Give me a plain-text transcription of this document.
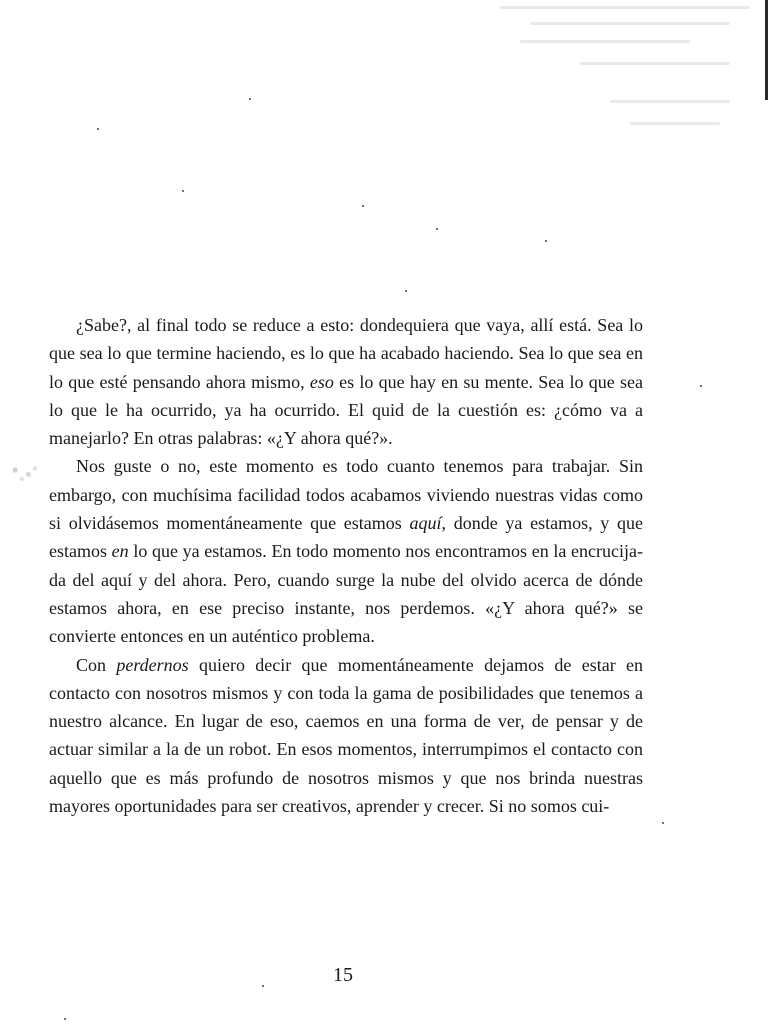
¿Sabe?, al final todo se reduce a esto: dondequiera que vaya, allí está. Sea lo que sea lo que termine haciendo, es lo que ha acabado haciendo. Sea lo que sea en lo que esté pensando ahora mismo, eso es lo que hay en su mente. Sea lo que sea lo que le ha ocurrido, ya ha ocurrido. El quid de la cuestión es: ¿cómo va a manejarlo? En otras palabras: «¿Y ahora qué?».

Nos guste o no, este momento es todo cuanto tenemos para trabajar. Sin embargo, con muchísima facilidad todos acabamos viviendo nuestras vidas como si olvidásemos momentáneamente que estamos aquí, donde ya estamos, y que estamos en lo que ya estamos. En todo momento nos encontramos en la encrucijada del aquí y del ahora. Pero, cuando surge la nube del olvido acerca de dónde estamos ahora, en ese preciso instante, nos perdemos. «¿Y ahora qué?» se convierte entonces en un auténtico problema.

Con perdernos quiero decir que momentáneamente dejamos de estar en contacto con nosotros mismos y con toda la gama de posibilidades que tenemos a nuestro alcance. En lugar de eso, caemos en una forma de ver, de pensar y de actuar similar a la de un robot. En esos momentos, interrumpimos el contacto con aquello que es más profundo de nosotros mismos y que nos brinda nuestras mayores oportunidades para ser creativos, aprender y crecer. Si no somos cui-

15
